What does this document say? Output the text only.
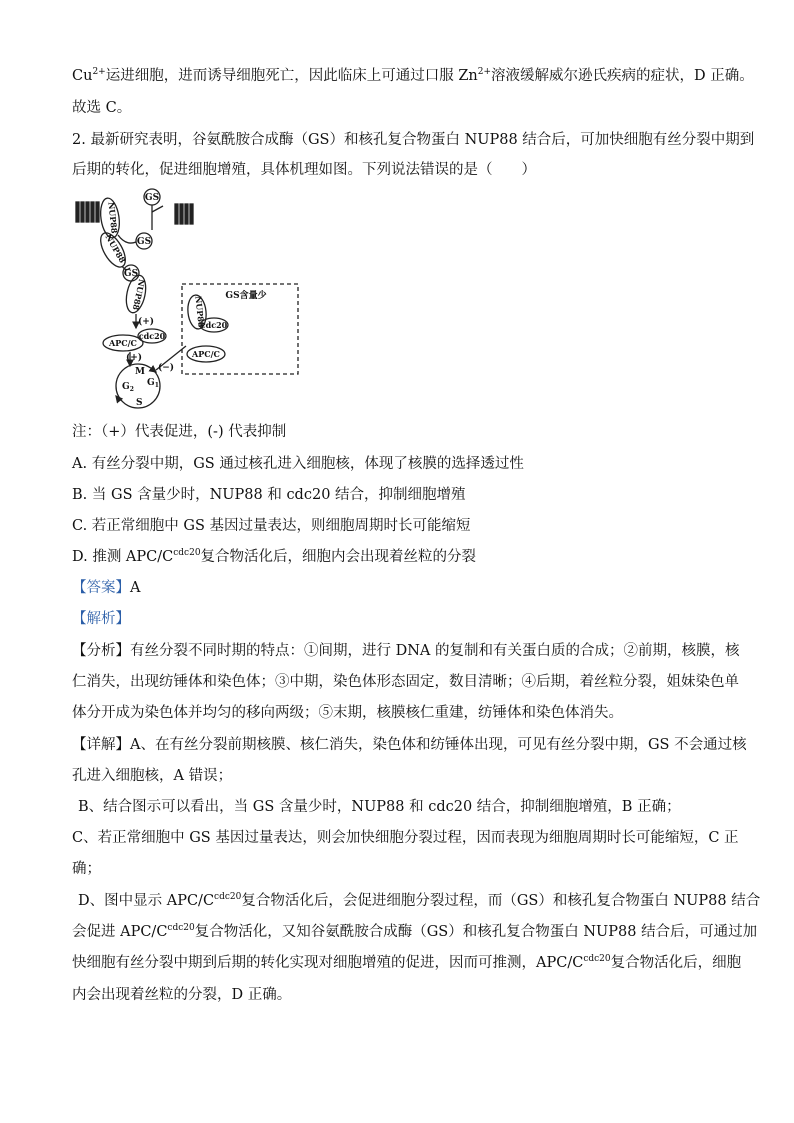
$Cu^{2+}$运进细胞，进而诱导细胞死亡，因此临床上可通过口服 $Zn^{2+}$溶液缓解威尔逊氏疾病的症状，D 正确。
故选 C。
2. 最新研究表明，谷氨酰胺合成酶（GS）和核孔复合物蛋白 NUP88 结合后，可加快细胞有丝分裂中期到
后期的转化，促进细胞增殖，具体机理如图。下列说法错误的是（　　）
GS
NUP88
GS
NUP88
GS
NUP88
(+)
cdc20
APC/C
(+)
M
$G_1$
$G_2$
S
GS含量少
NUP88
cdc20
APC/C
(−)
注：（+）代表促进，(-) 代表抑制
A. 有丝分裂中期，GS 通过核孔进入细胞核，体现了核膜的选择透过性
B. 当 GS 含量少时，NUP88 和 cdc20 结合，抑制细胞增殖
C. 若正常细胞中 GS 基因过量表达，则细胞周期时长可能缩短
D. 推测 APC/$C^{cdc20}$复合物活化后，细胞内会出现着丝粒的分裂
【答案】A
【解析】
【分析】有丝分裂不同时期的特点：①间期，进行 DNA 的复制和有关蛋白质的合成；②前期，核膜，核
仁消失，出现纺锤体和染色体；③中期，染色体形态固定，数目清晰；④后期，着丝粒分裂，姐妹染色单
体分开成为染色体并均匀的移向两级；⑤末期，核膜核仁重建，纺锤体和染色体消失。
【详解】A、在有丝分裂前期核膜、核仁消失，染色体和纺锤体出现，可见有丝分裂中期，GS 不会通过核
孔进入细胞核，A 错误；
B、结合图示可以看出，当 GS 含量少时，NUP88 和 cdc20 结合，抑制细胞增殖，B 正确；
C、若正常细胞中 GS 基因过量表达，则会加快细胞分裂过程，因而表现为细胞周期时长可能缩短，C 正
确；
D、图中显示 APC/$C^{cdc20}$复合物活化后，会促进细胞分裂过程，而（GS）和核孔复合物蛋白 NUP88 结合
会促进 APC/$C^{cdc20}$复合物活化，又知谷氨酰胺合成酶（GS）和核孔复合物蛋白 NUP88 结合后，可通过加
快细胞有丝分裂中期到后期的转化实现对细胞增殖的促进，因而可推测，APC/$C^{cdc20}$复合物活化后，细胞
内会出现着丝粒的分裂，D 正确。
